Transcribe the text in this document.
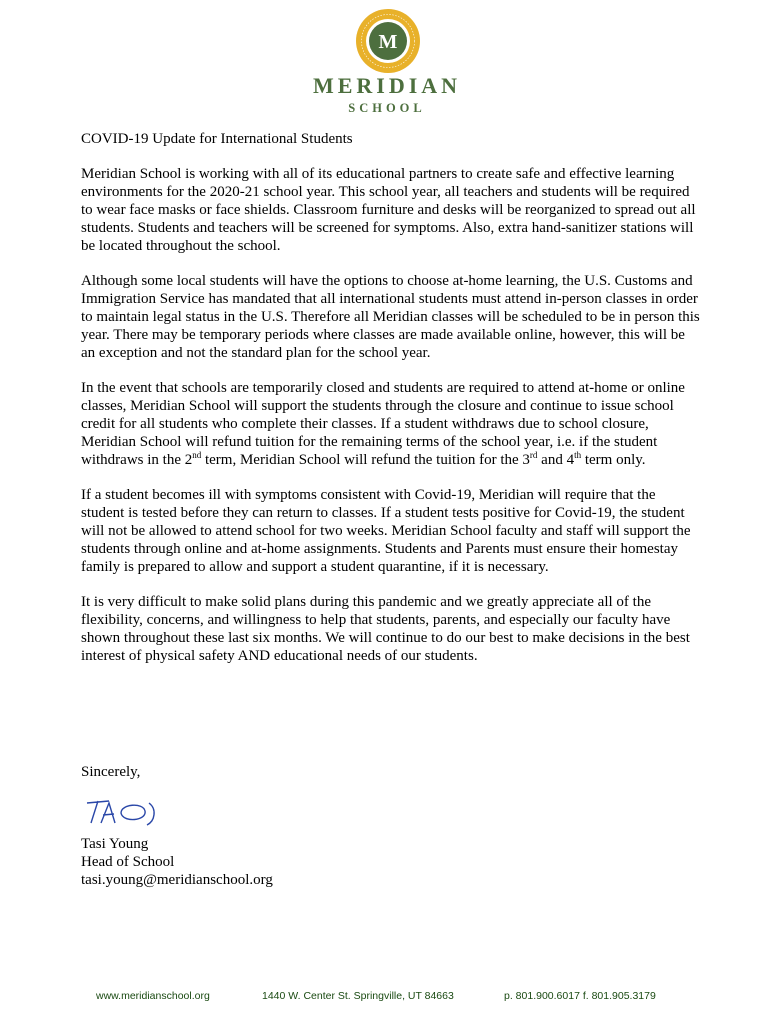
M
MERIDIAN
SCHOOL

COVID-19 Update for International Students

Meridian School is working with all of its educational partners to create safe and effective learning environments for the 2020-21 school year. This school year, all teachers and students will be required to wear face masks or face shields. Classroom furniture and desks will be reorganized to spread out all students. Students and teachers will be screened for symptoms. Also, extra hand-sanitizer stations will be located throughout the school.

Although some local students will have the options to choose at-home learning, the U.S. Customs and Immigration Service has mandated that all international students must attend in-person classes in order to maintain legal status in the U.S. Therefore all Meridian classes will be scheduled to be in person this year. There may be temporary periods where classes are made available online, however, this will be an exception and not the standard plan for the school year.

In the event that schools are temporarily closed and students are required to attend at-home or online classes, Meridian School will support the students through the closure and continue to issue school credit for all students who complete their classes. If a student withdraws due to school closure, Meridian School will refund tuition for the remaining terms of the school year, i.e. if the student withdraws in the 2nd term, Meridian School will refund the tuition for the 3rd and 4th term only.

If a student becomes ill with symptoms consistent with Covid-19, Meridian will require that the student is tested before they can return to classes. If a student tests positive for Covid-19, the student will not be allowed to attend school for two weeks. Meridian School faculty and staff will support the students through online and at-home assignments. Students and Parents must ensure their homestay family is prepared to allow and support a student quarantine, if it is necessary.

It is very difficult to make solid plans during this pandemic and we greatly appreciate all of the flexibility, concerns, and willingness to help that students, parents, and especially our faculty have shown throughout these last six months. We will continue to do our best to make decisions in the best interest of physical safety AND educational needs of our students.

Sincerely,
Tasi Young
Head of School
tasi.young@meridianschool.org
www.meridianschool.org	1440 W. Center St. Springville, UT 84663	p. 801.900.6017 f. 801.905.3179
